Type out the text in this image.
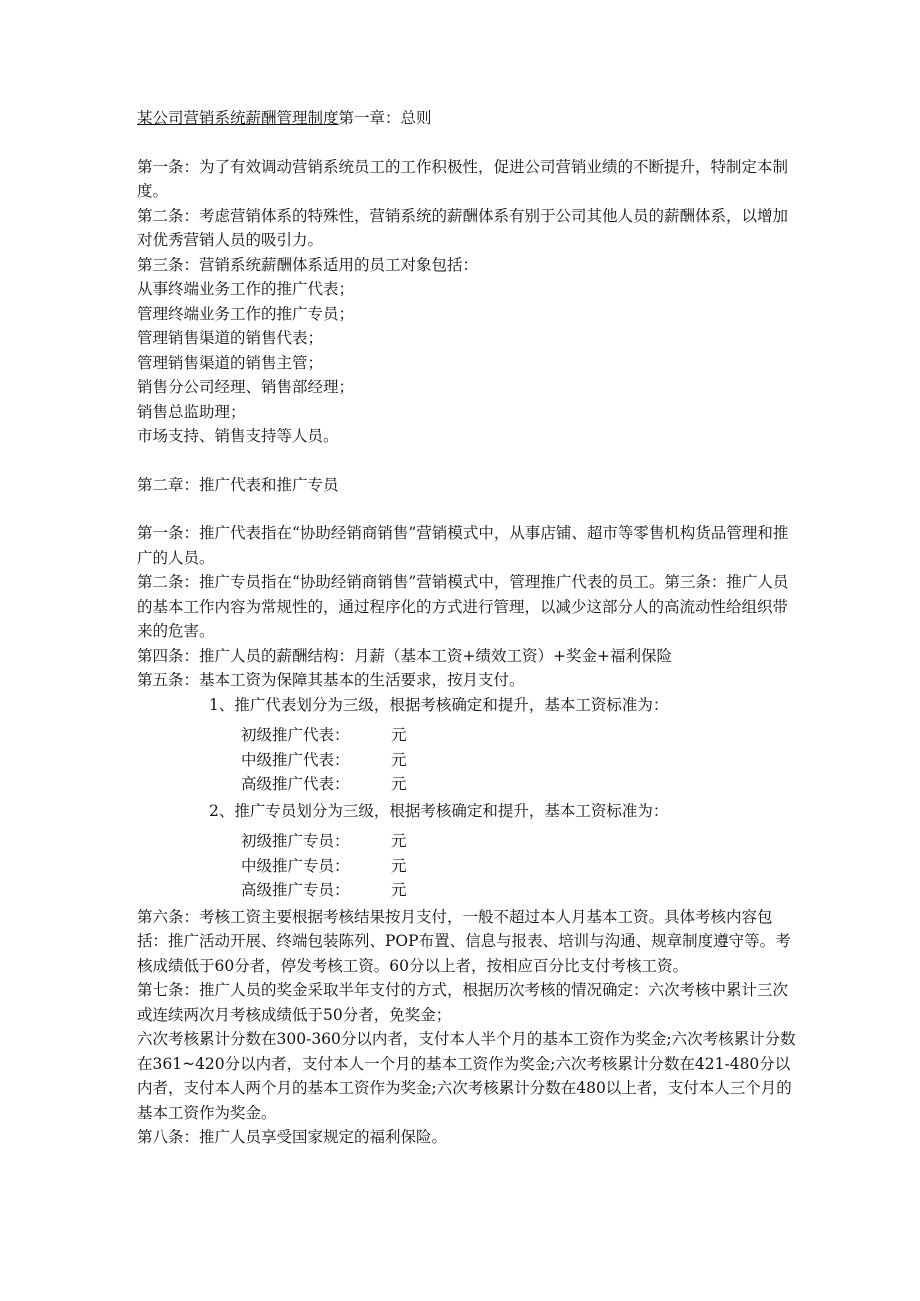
某公司营销系统薪酬管理制度第一章：总则

第一条：为了有效调动营销系统员工的工作积极性，促进公司营销业绩的不断提升，特制定本制度。

第二条：考虑营销体系的特殊性，营销系统的薪酬体系有别于公司其他人员的薪酬体系，以增加对优秀营销人员的吸引力。

第三条：营销系统薪酬体系适用的员工对象包括：

从事终端业务工作的推广代表；

管理终端业务工作的推广专员；

管理销售渠道的销售代表；

管理销售渠道的销售主管；

销售分公司经理、销售部经理；

销售总监助理；

市场支持、销售支持等人员。

第二章：推广代表和推广专员

第一条：推广代表指在“协助经销商销售”营销模式中，从事店铺、超市等零售机构货品管理和推广的人员。

第二条：推广专员指在“协助经销商销售”营销模式中，管理推广代表的员工。第三条：推广人员的基本工作内容为常规性的，通过程序化的方式进行管理，以减少这部分人的高流动性给组织带来的危害。

第四条：推广人员的薪酬结构：月薪（基本工资+绩效工资）+奖金+福利保险

第五条：基本工资为保障其基本的生活要求，按月支付。

1、推广代表划分为三级，根据考核确定和提升，基本工资标准为：

初级推广代表：	元
中级推广代表：	元
高级推广代表：	元

2、推广专员划分为三级，根据考核确定和提升，基本工资标准为：

初级推广专员：	元
中级推广专员：	元
高级推广专员：	元

第六条：考核工资主要根据考核结果按月支付，一般不超过本人月基本工资。具体考核内容包括：推广活动开展、终端包装陈列、POP布置、信息与报表、培训与沟通、规章制度遵守等。考核成绩低于60分者，停发考核工资。60分以上者，按相应百分比支付考核工资。

第七条：推广人员的奖金采取半年支付的方式，根据历次考核的情况确定：六次考核中累计三次或连续两次月考核成绩低于50分者，免奖金；

六次考核累计分数在300-360分以内者，支付本人半个月的基本工资作为奖金;六次考核累计分数在361~420分以内者，支付本人一个月的基本工资作为奖金;六次考核累计分数在421-480分以内者，支付本人两个月的基本工资作为奖金;六次考核累计分数在480以上者，支付本人三个月的基本工资作为奖金。

第八条：推广人员享受国家规定的福利保险。
